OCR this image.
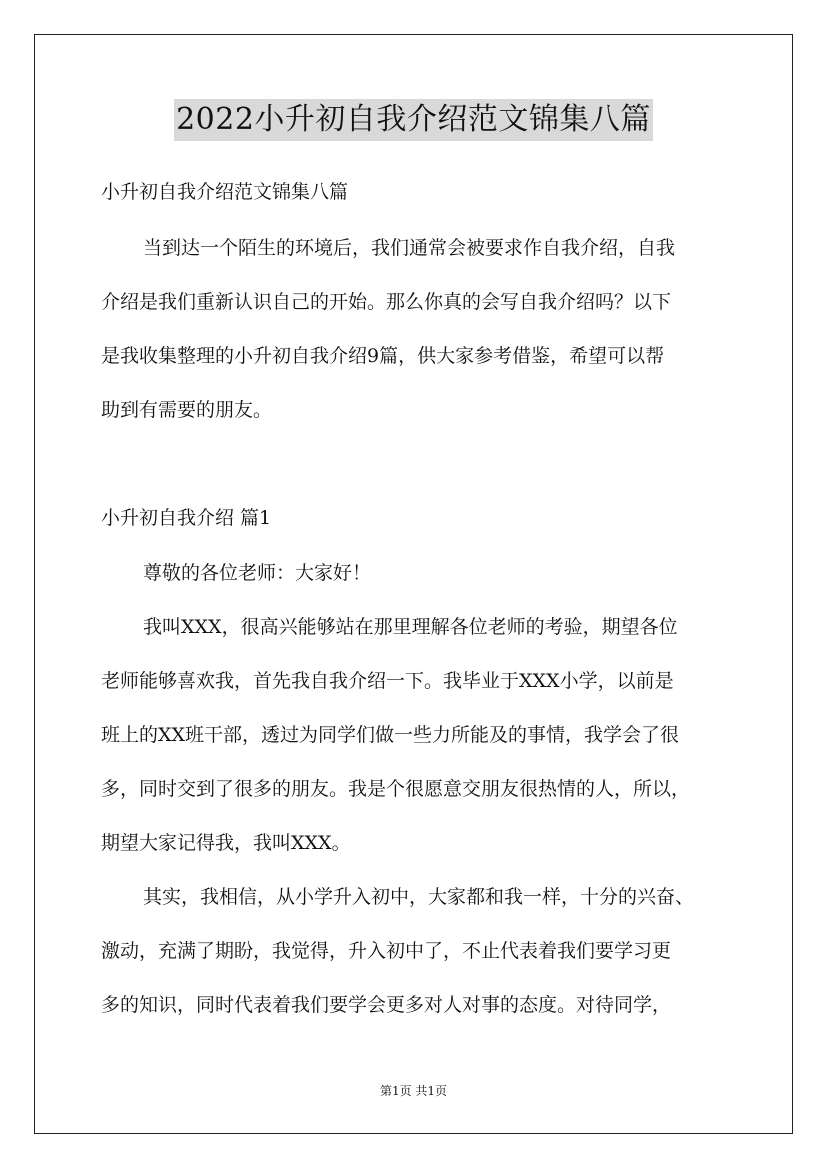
2022小升初自我介绍范文锦集八篇
小升初自我介绍范文锦集八篇
当到达一个陌生的环境后，我们通常会被要求作自我介绍，自我
介绍是我们重新认识自己的开始。那么你真的会写自我介绍吗？以下
是我收集整理的小升初自我介绍9篇，供大家参考借鉴，希望可以帮
助到有需要的朋友。
小升初自我介绍 篇1
尊敬的各位老师：大家好！
我叫XXX，很高兴能够站在那里理解各位老师的考验，期望各位
老师能够喜欢我，首先我自我介绍一下。我毕业于XXX小学，以前是
班上的XX班干部，透过为同学们做一些力所能及的事情，我学会了很
多，同时交到了很多的朋友。我是个很愿意交朋友很热情的人，所以，
期望大家记得我，我叫XXX。
其实，我相信，从小学升入初中，大家都和我一样，十分的兴奋、
激动，充满了期盼，我觉得，升入初中了，不止代表着我们要学习更
多的知识，同时代表着我们要学会更多对人对事的态度。对待同学，
第1页 共1页
